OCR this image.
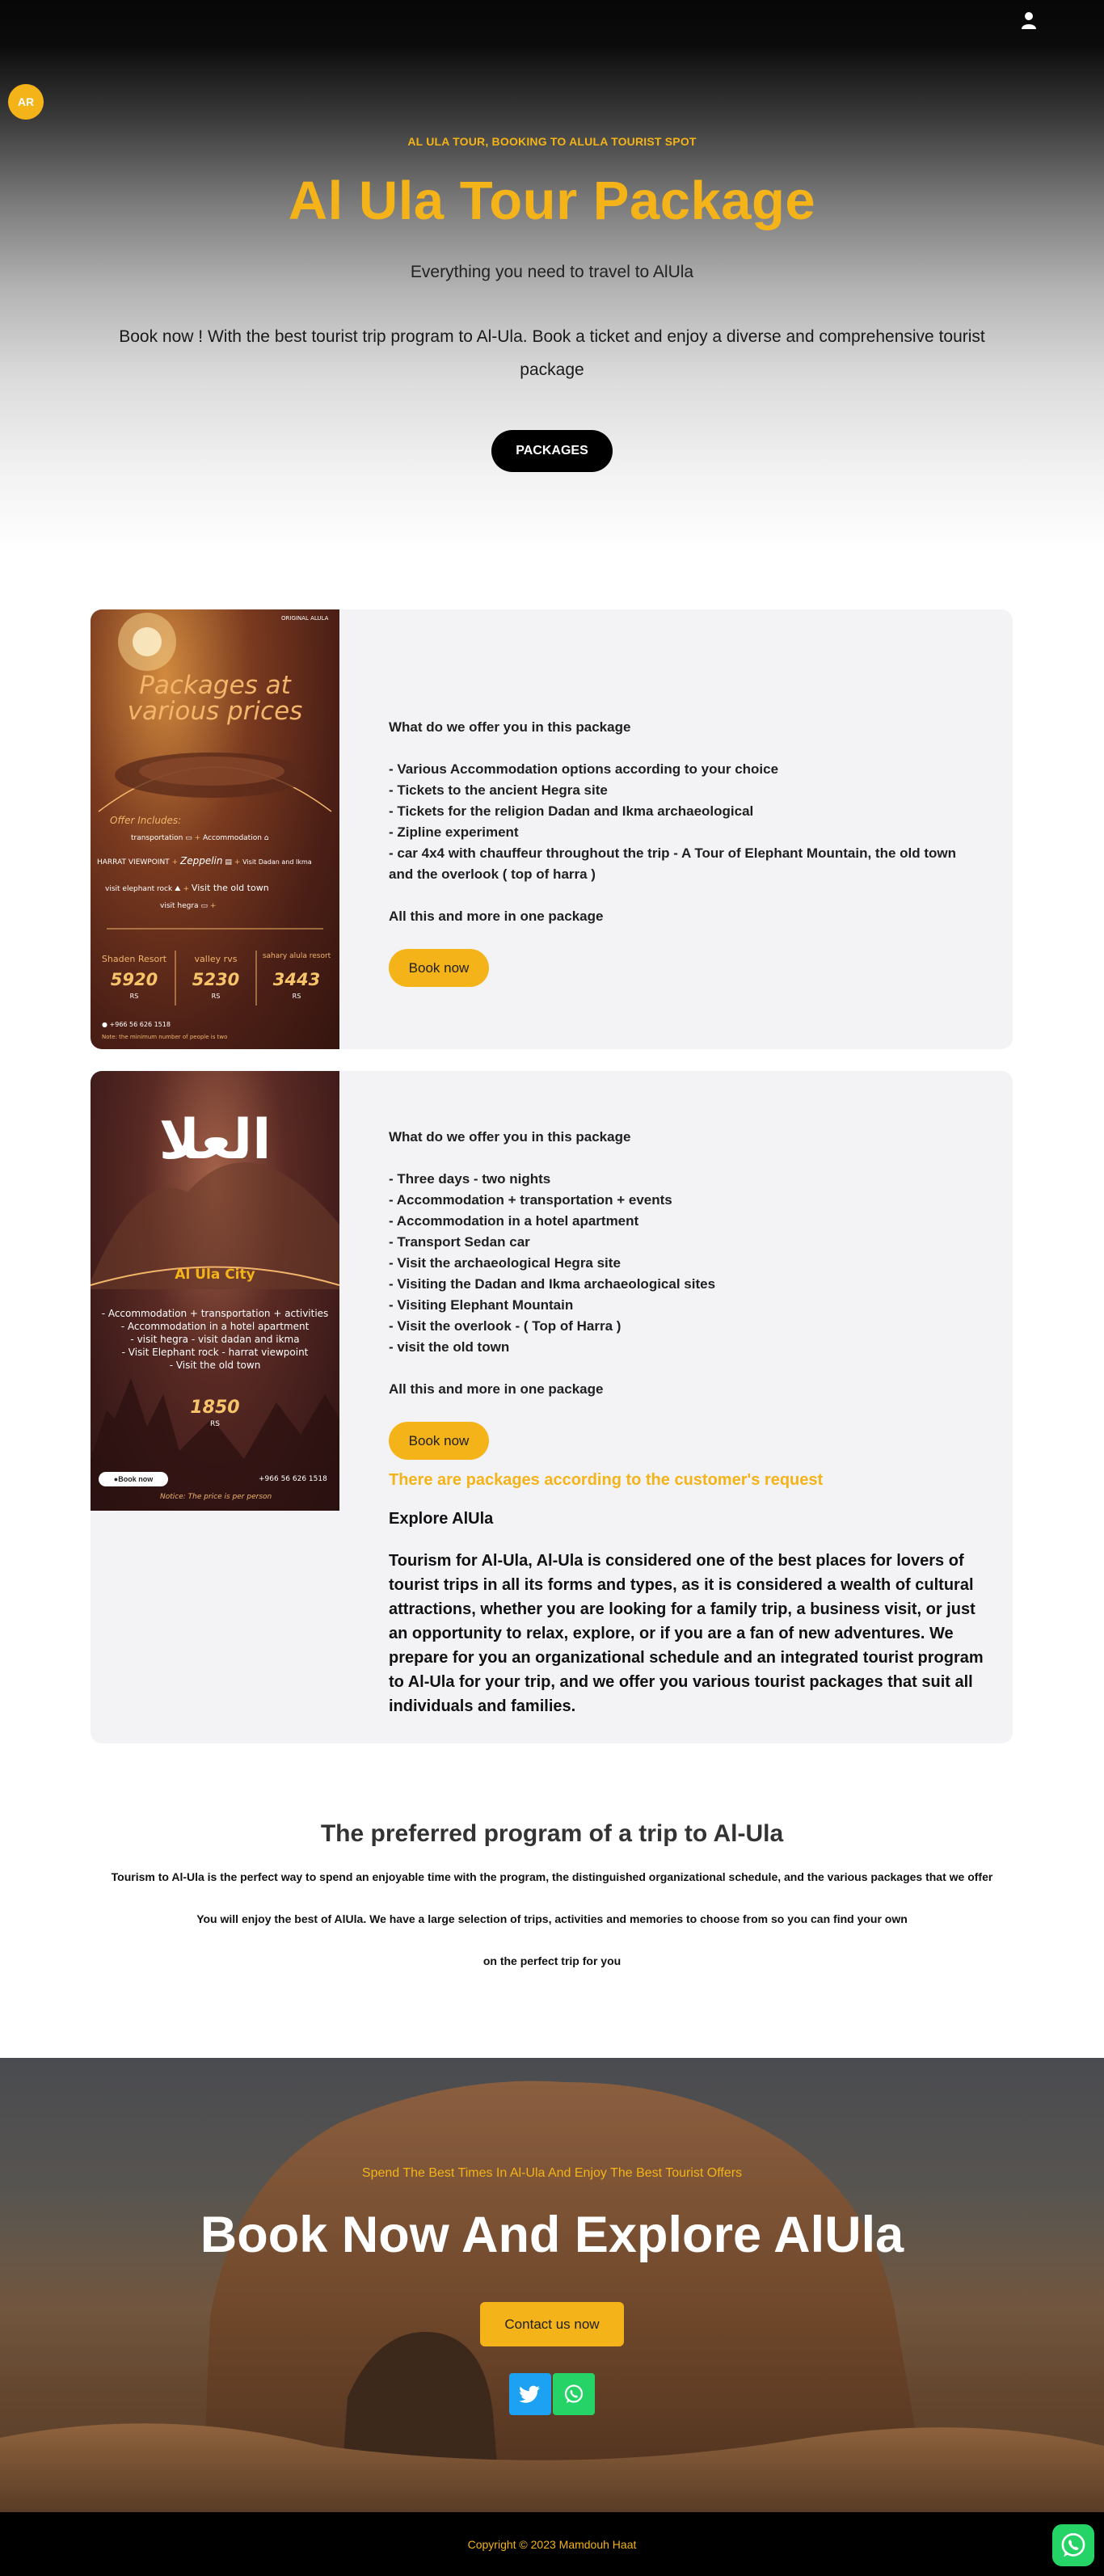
AR
AL ULA TOUR, BOOKING TO ALULA TOURIST SPOT
Al Ula Tour Package
Everything you need to travel to AlUla

Book now ! With the best tourist trip program to Al-Ula. Book a ticket and enjoy a diverse and comprehensive tourist package

PACKAGES
ORIGINAL ALULA
Packages at
various prices
Offer Includes:
transportation ▭ + Accommodation ⌂
HARRAT VIEWPOINT + Zeppelin ▤ + Visit Dadan and Ikma
visit elephant rock ⛰ + Visit the old town
visit hegra ▭ +
Shaden Resort	valley rvs	sahary alula resort
5920	5230	3443
RS	RS	RS
● +966 56 626 1518
Note: the minimum number of people is two
What do we offer you in this package
- Various Accommodation options according to your choice
- Tickets to the ancient Hegra site
- Tickets for the religion Dadan and Ikma archaeological
- Zipline experiment
- car 4x4 with chauffeur throughout the trip - A Tour of Elephant Mountain, the old town and the overlook ( top of harra )
All this and more in one package
Book now
العلا
Al Ula City
- Accommodation + transportation + activities
- Accommodation in a hotel apartment
- visit hegra - visit dadan and ikma
- Visit Elephant rock - harrat viewpoint
- Visit the old town
1850
RS
● Book now	+966 56 626 1518
Notice: The price is per person
What do we offer you in this package
- Three days - two nights
- Accommodation + transportation + events
- Accommodation in a hotel apartment
- Transport Sedan car
- Visit the archaeological Hegra site
- Visiting the Dadan and Ikma archaeological sites
- Visiting Elephant Mountain
- Visit the overlook - ( Top of Harra )
- visit the old town
All this and more in one package
Book now
There are packages according to the customer's request
Explore AlUla
Tourism for Al-Ula, Al-Ula is considered one of the best places for lovers of tourist trips in all its forms and types, as it is considered a wealth of cultural attractions, whether you are looking for a family trip, a business visit, or just an opportunity to relax, explore, or if you are a fan of new adventures. We prepare for you an organizational schedule and an integrated tourist program to Al-Ula for your trip, and we offer you various tourist packages that suit all individuals and families.
The preferred program of a trip to Al-Ula

Tourism to Al-Ula is the perfect way to spend an enjoyable time with the program, the distinguished organizational schedule, and the various packages that we offer

You will enjoy the best of AlUla. We have a large selection of trips, activities and memories to choose from so you can find your own

on the perfect trip for you

Spend The Best Times In Al-Ula And Enjoy The Best Tourist Offers
Book Now And Explore AlUla
Contact us now
Copyright © 2023 Mamdouh Haat
